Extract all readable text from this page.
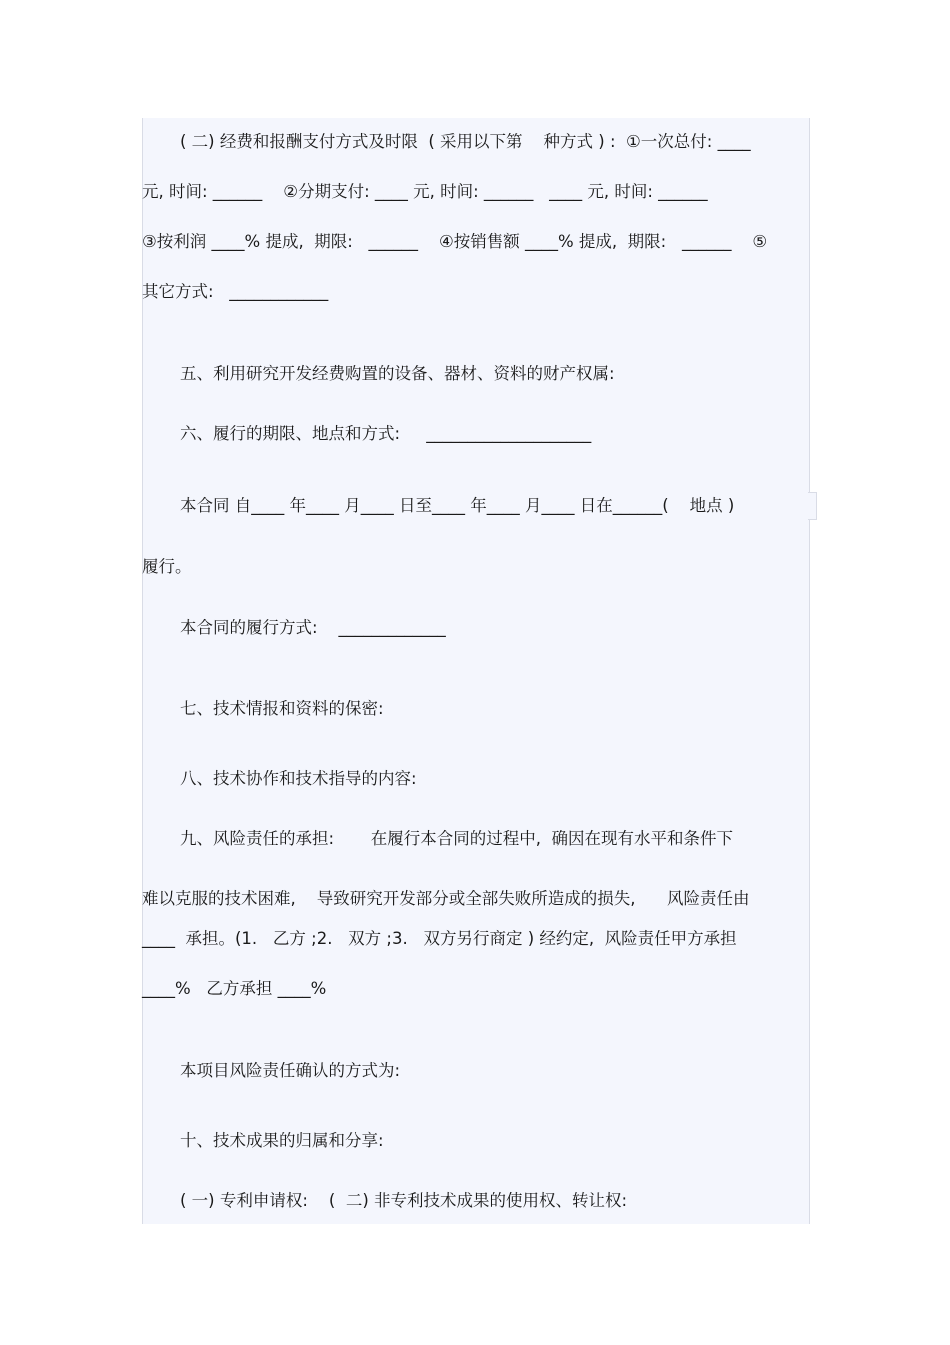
( 二) 经费和报酬支付方式及时限  ( 采用以下第    种方式 ) :  ①一次总付: ____
元, 时间: ______    ②分期支付: ____ 元, 时间: ______   ____ 元, 时间: ______
③按利润 ____% 提成,  期限:   ______    ④按销售额 ____% 提成,  期限:   ______    ⑤
其它方式:   ____________
五、利用研究开发经费购置的设备、器材、资料的财产权属:
六、履行的期限、地点和方式:     ____________________
本合同 自____ 年____ 月____ 日至____ 年____ 月____ 日在______(    地点 )
履行。
本合同的履行方式:    _____________
七、技术情报和资料的保密:
八、技术协作和技术指导的内容:
九、风险责任的承担:       在履行本合同的过程中,  确因在现有水平和条件下
难以克服的技术困难,    导致研究开发部分或全部失败所造成的损失,      风险责任由
____  承担。(1.   乙方 ;2.   双方 ;3.   双方另行商定 ) 经约定,  风险责任甲方承担
____%   乙方承担 ____%
本项目风险责任确认的方式为:
十、技术成果的归属和分享:
( 一) 专利申请权:    (  二) 非专利技术成果的使用权、转让权:
